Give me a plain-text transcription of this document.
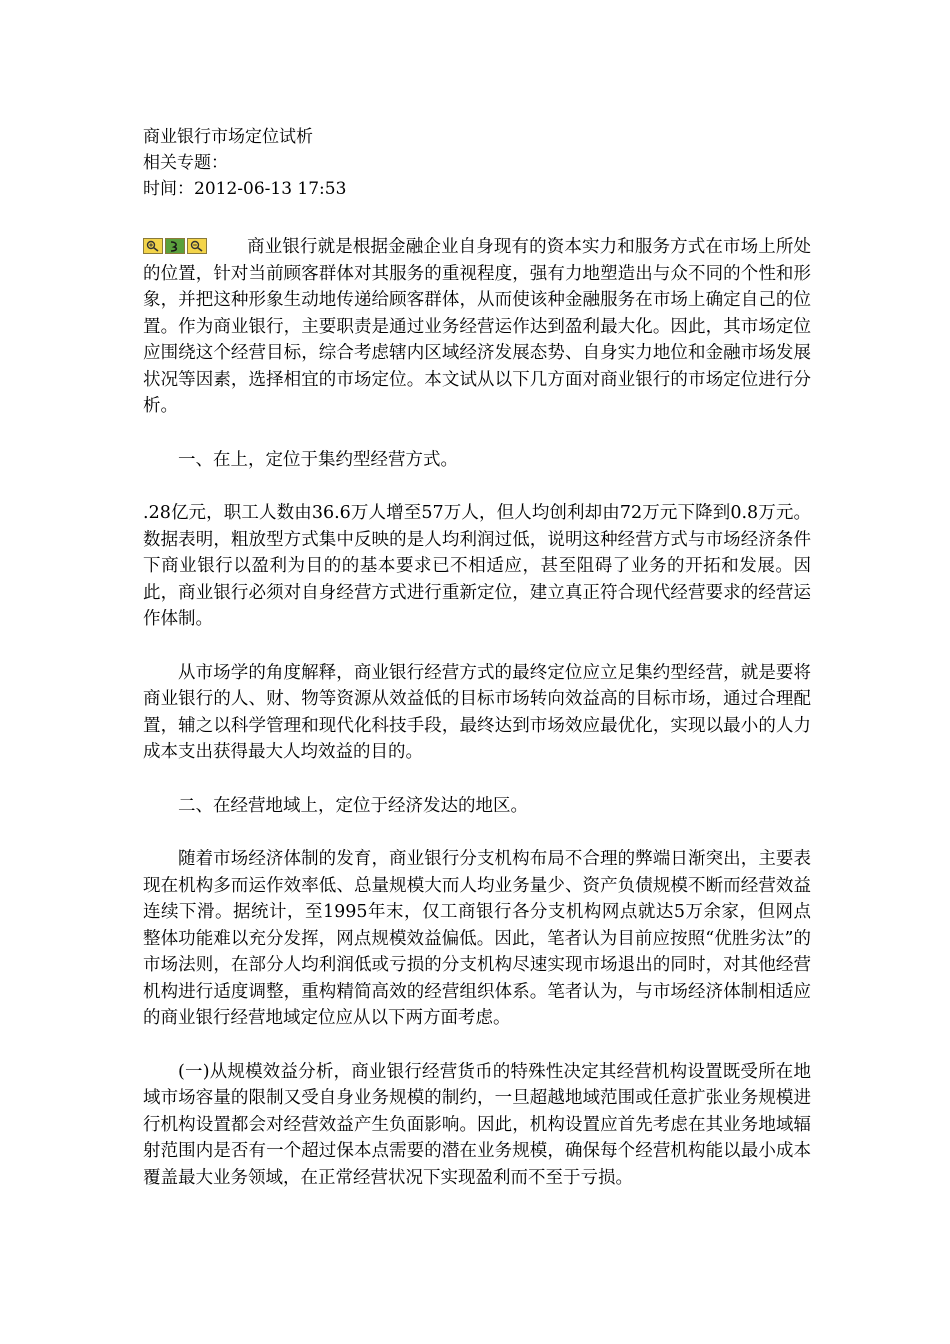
商业银行市场定位试析
相关专题：
时间：2012-06-13 17:53

商业银行就是根据金融企业自身现有的资本实力和服务方式在市场上所处的位置，针对当前顾客群体对其服务的重视程度，强有力地塑造出与众不同的个性和形象，并把这种形象生动地传递给顾客群体，从而使该种金融服务在市场上确定自己的位置。作为商业银行，主要职责是通过业务经营运作达到盈利最大化。因此，其市场定位应围绕这个经营目标，综合考虑辖内区域经济发展态势、自身实力地位和金融市场发展状况等因素，选择相宜的市场定位。本文试从以下几方面对商业银行的市场定位进行分析。

一、在上，定位于集约型经营方式。

.28亿元，职工人数由36.6万人增至57万人，但人均创利却由72万元下降到0.8万元。数据表明，粗放型方式集中反映的是人均利润过低，说明这种经营方式与市场经济条件下商业银行以盈利为目的的基本要求已不相适应，甚至阻碍了业务的开拓和发展。因此，商业银行必须对自身经营方式进行重新定位，建立真正符合现代经营要求的经营运作体制。

从市场学的角度解释，商业银行经营方式的最终定位应立足集约型经营，就是要将商业银行的人、财、物等资源从效益低的目标市场转向效益高的目标市场，通过合理配置，辅之以科学管理和现代化科技手段，最终达到市场效应最优化，实现以最小的人力成本支出获得最大人均效益的目的。

二、在经营地域上，定位于经济发达的地区。

随着市场经济体制的发育，商业银行分支机构布局不合理的弊端日渐突出，主要表现在机构多而运作效率低、总量规模大而人均业务量少、资产负债规模不断而经营效益连续下滑。据统计，至1995年末，仅工商银行各分支机构网点就达5万余家，但网点整体功能难以充分发挥，网点规模效益偏低。因此，笔者认为目前应按照“优胜劣汰”的市场法则，在部分人均利润低或亏损的分支机构尽速实现市场退出的同时，对其他经营机构进行适度调整，重构精简高效的经营组织体系。笔者认为，与市场经济体制相适应的商业银行经营地域定位应从以下两方面考虑。

(一)从规模效益分析，商业银行经营货币的特殊性决定其经营机构设置既受所在地域市场容量的限制又受自身业务规模的制约，一旦超越地域范围或任意扩张业务规模进行机构设置都会对经营效益产生负面影响。因此，机构设置应首先考虑在其业务地域辐射范围内是否有一个超过保本点需要的潜在业务规模，确保每个经营机构能以最小成本覆盖最大业务领域，在正常经营状况下实现盈利而不至于亏损。
